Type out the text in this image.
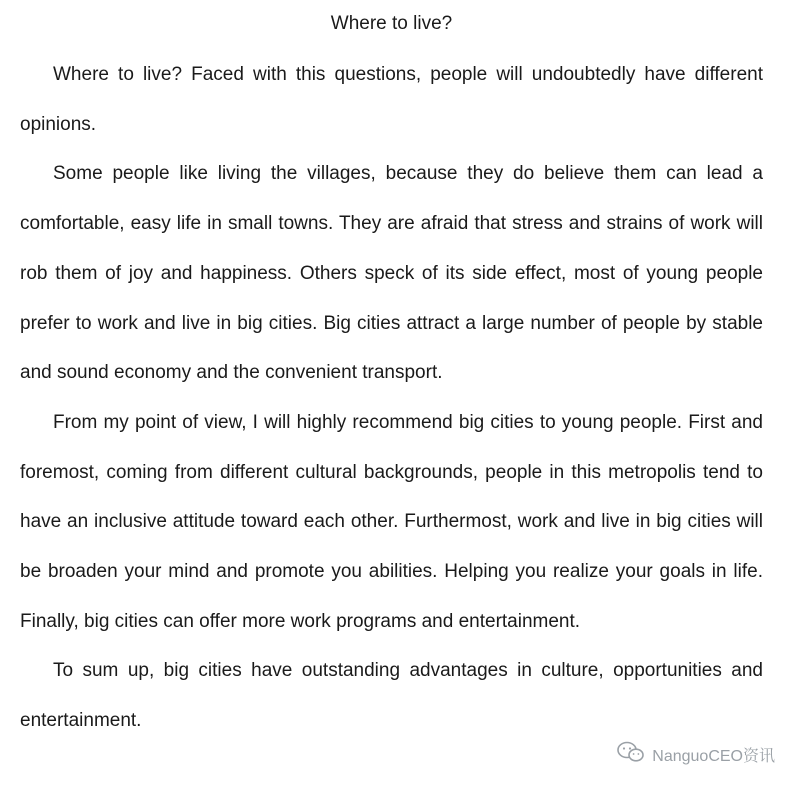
Where to live?

Where to live? Faced with this questions, people will undoubtedly have different opinions.

Some people like living the villages, because they do believe them can lead a comfortable, easy life in small towns. They are afraid that stress and strains of work will rob them of joy and happiness. Others speck of its side effect, most of young people prefer to work and live in big cities. Big cities attract a large number of people by stable and sound economy and the convenient transport.

From my point of view, I will highly recommend big cities to young people. First and foremost, coming from different cultural backgrounds, people in this metropolis tend to have an inclusive attitude toward each other. Furthermost, work and live in big cities will be broaden your mind and promote you abilities. Helping you realize your goals in life. Finally, big cities can offer more work programs and entertainment.

To sum up, big cities have outstanding advantages in culture, opportunities and entertainment.

NanguoCEO资讯
